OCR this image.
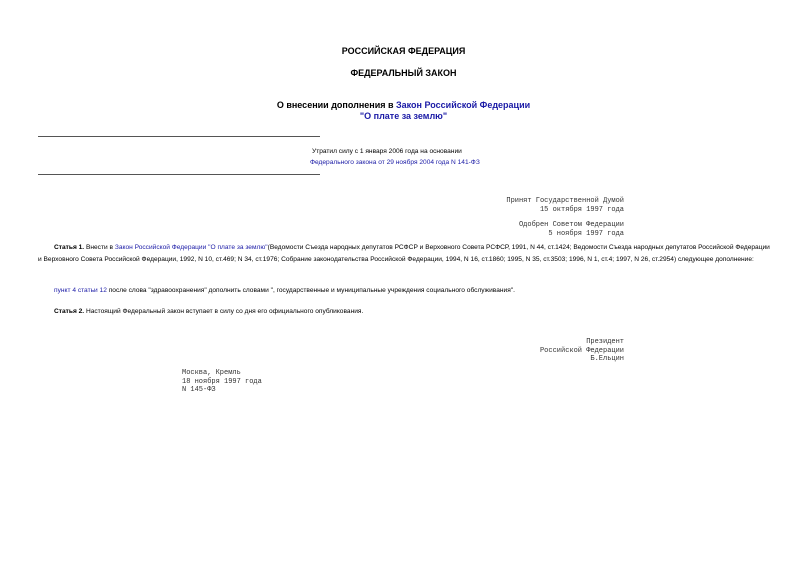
РОССИЙСКАЯ ФЕДЕРАЦИЯ
ФЕДЕРАЛЬНЫЙ ЗАКОН
О внесении дополнения в Закон Российской Федерации
"О плате за землю"
Утратил силу с 1 января 2006 года на основании
Федерального закона от 29 ноября 2004 года N 141-ФЗ
Принят Государственной Думой
15 октября 1997 года
Одобрен Советом Федерации
5 ноября 1997 года
Статья 1. Внести в Закон Российской Федерации "О плате за землю"(Ведомости Съезда народных депутатов РСФСР и Верховного Совета РСФСР, 1991, N 44, ст.1424; Ведомости Съезда народных депутатов Российской Федерации и Верховного Совета Российской Федерации, 1992, N 10, ст.469; N 34, ст.1976; Собрание законодательства Российской Федерации, 1994, N 16, ст.1860; 1995, N 35, ст.3503; 1996, N 1, ст.4; 1997, N 26, ст.2954) следующее дополнение:
пункт 4 статьи 12 после слова "здравоохранения" дополнить словами ", государственные и муниципальные учреждения социального обслуживания".
Статья 2. Настоящий Федеральный закон вступает в силу со дня его официального опубликования.
Президент
Российской Федерации
Б.Ельцин
Москва, Кремль
18 ноября 1997 года
N 145-ФЗ
